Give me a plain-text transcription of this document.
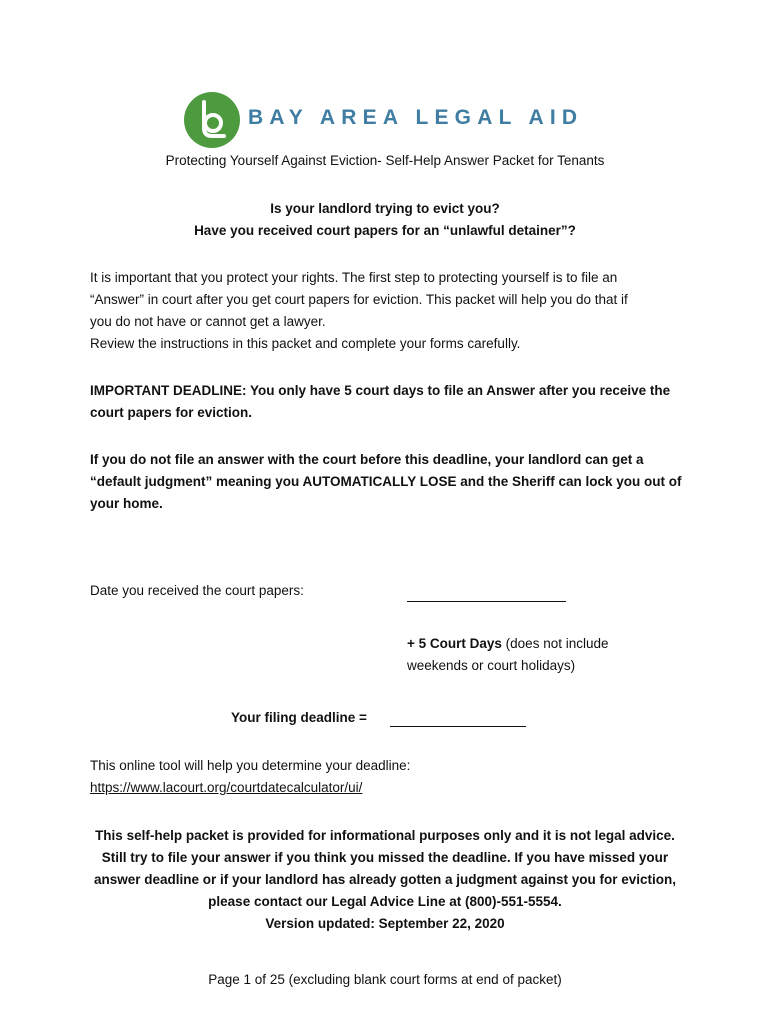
BAY AREA LEGAL AID
Protecting Yourself Against Eviction- Self-Help Answer Packet for Tenants
Is your landlord trying to evict you?
Have you received court papers for an “unlawful detainer”?
It is important that you protect your rights. The first step to protecting yourself is to file an
“Answer” in court after you get court papers for eviction. This packet will help you do that if
you do not have or cannot get a lawyer.
Review the instructions in this packet and complete your forms carefully.
IMPORTANT DEADLINE: You only have 5 court days to file an Answer after you receive the
court papers for eviction.
If you do not file an answer with the court before this deadline, your landlord can get a
“default judgment” meaning you AUTOMATICALLY LOSE and the Sheriff can lock you out of
your home.
Date you received the court papers:
+ 5 Court Days (does not include
weekends or court holidays)
Your filing deadline =
This online tool will help you determine your deadline:
https://www.lacourt.org/courtdatecalculator/ui/
This self-help packet is provided for informational purposes only and it is not legal advice.
Still try to file your answer if you think you missed the deadline. If you have missed your
answer deadline or if your landlord has already gotten a judgment against you for eviction,
please contact our Legal Advice Line at (800)-551-5554.
Version updated: September 22, 2020
Page 1 of 25 (excluding blank court forms at end of packet)
